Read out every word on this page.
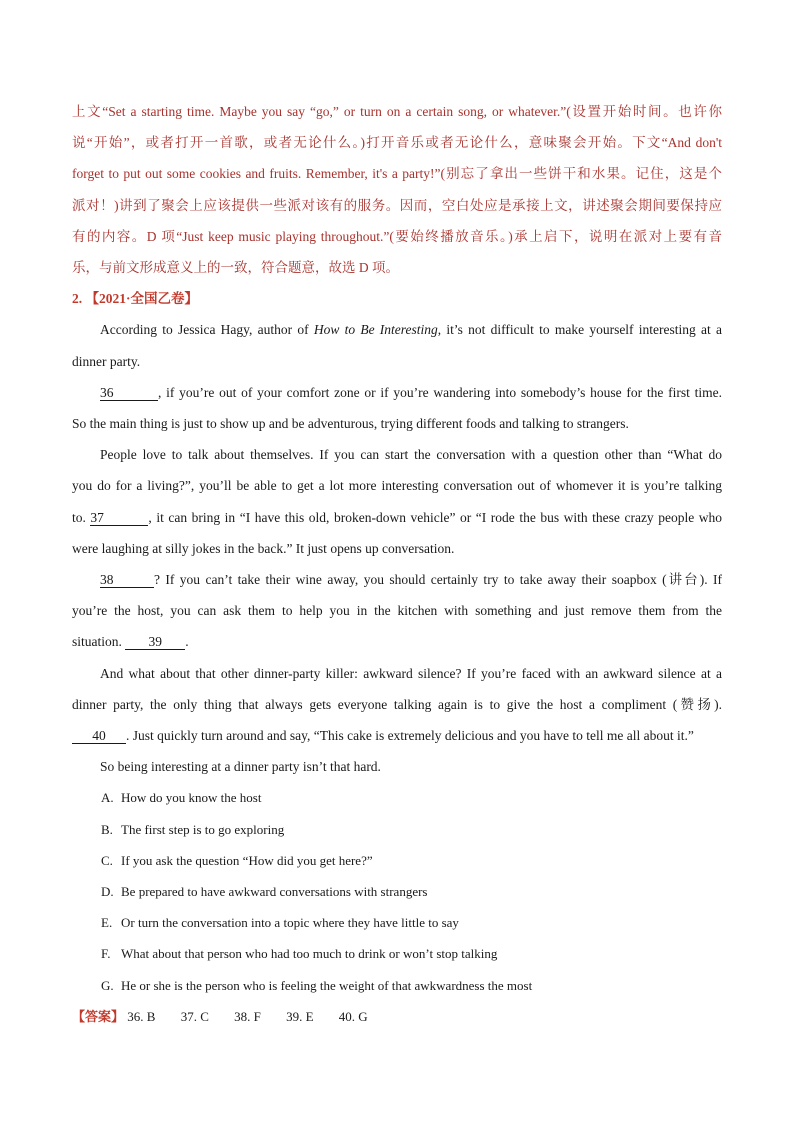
上文“Set a starting time. Maybe you say “go,” or turn on a certain song, or whatever.”(设置开始时间。也许你
说“开始”，或者打开一首歌，或者无论什么。)打开音乐或者无论什么，意味聚会开始。下文“And don't
forget to put out some cookies and fruits. Remember, it's a party!”(别忘了拿出一些饼干和水果。记住，这是个
派对！)讲到了聚会上应该提供一些派对该有的服务。因而，空白处应是承接上文，讲述聚会期间要保持应
有的内容。D 项“Just keep music playing throughout.”(要始终播放音乐。)承上启下，说明在派对上要有音
乐，与前文形成意义上的一致，符合题意，故选 D 项。
2. 【2021·全国乙卷】
According to Jessica Hagy, author of How to Be Interesting, it’s not difficult to make yourself interesting at a
dinner party.
36	, if you’re out of your comfort zone or if you’re wandering into somebody’s house for the first time.
So the main thing is just to show up and be adventurous, trying different foods and talking to strangers.
People love to talk about themselves. If you can start the conversation with a question other than “What do
you do for a living?”, you’ll be able to get a lot more interesting conversation out of whomever it is you’re talking
to. 37	, it can bring in “I have this old, broken-down vehicle” or “I rode the bus with these crazy people who
were laughing at silly jokes in the back.” It just opens up conversation.
38	? If you can’t take their wine away, you should certainly try to take away their soapbox (讲台). If
you’re the host, you can ask them to help you in the kitchen with something and just remove them from the
situation. 39 .
And what about that other dinner-party killer: awkward silence? If you’re faced with an awkward silence at a
dinner party, the only thing that always gets everyone talking again is to give the host a compliment (赞扬).
40 . Just quickly turn around and say, “This cake is extremely delicious and you have to tell me all about it.”
So being interesting at a dinner party isn’t that hard.
A. How do you know the host
B. The first step is to go exploring
C. If you ask the question “How did you get here?”
D. Be prepared to have awkward conversations with strangers
E. Or turn the conversation into a topic where they have little to say
F. What about that person who had too much to drink or won’t stop talking
G. He or she is the person who is feeling the weight of that awkwardness the most
【答案】 36. B 37. C 38. F 39. E 40. G
